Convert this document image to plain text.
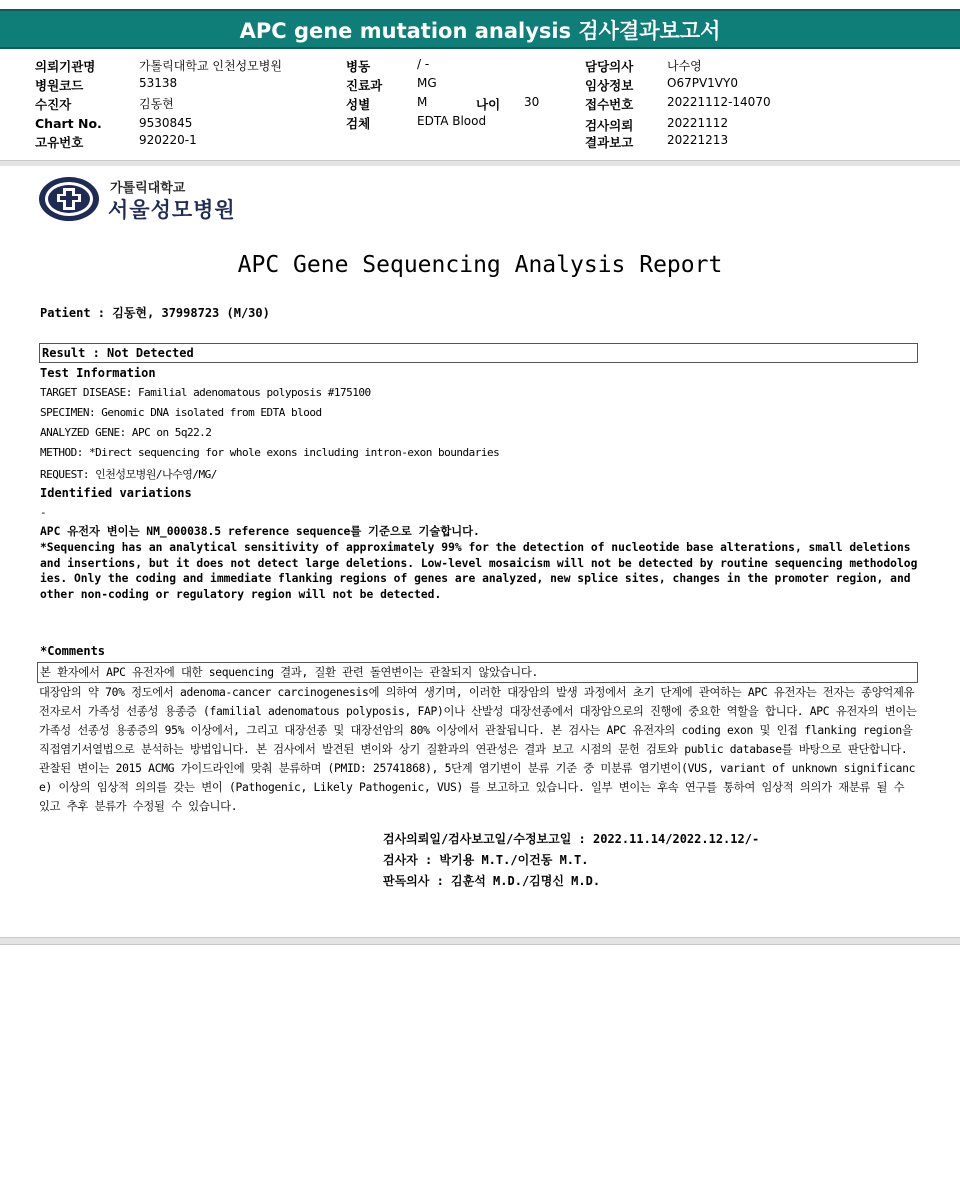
APC gene mutation analysis 검사결과보고서
의뢰기관명	가톨릭대학교 인천성모병원
병원코드	53138
수진자	김동현
Chart No.	9530845
고유번호	920220-1
병동	/ -
진료과	MG
성별	M	나이 30
검체	EDTA Blood
담당의사	나수영
임상정보	O67PV1VY0
접수번호	20221112-14070
검사의뢰	20221112
결과보고	20221213
가톨릭대학교
서울성모병원
APC Gene Sequencing Analysis Report
Patient : 김동현, 37998723 (M/30)
Result : Not Detected
Test Information
TARGET DISEASE: Familial adenomatous polyposis #175100
SPECIMEN: Genomic DNA isolated from EDTA blood
ANALYZED GENE: APC on 5q22.2
METHOD: *Direct sequencing for whole exons including intron-exon boundaries
REQUEST: 인천성모병원/나수영/MG/
Identified variations
-
APC 유전자 변이는 NM_000038.5 reference sequence를 기준으로 기술합니다.
*Sequencing has an analytical sensitivity of approximately 99% for the detection of nucleotide base alterations, small deletions and insertions, but it does not detect large deletions. Low-level mosaicism will not be detected by routine sequencing methodologies. Only the coding and immediate flanking regions of genes are analyzed, new splice sites, changes in the promoter region, and other non-coding or regulatory region will not be detected.
*Comments
본 환자에서 APC 유전자에 대한 sequencing 결과, 질환 관련 돌연변이는 관찰되지 않았습니다.
대장암의 약 70% 정도에서 adenoma-cancer carcinogenesis에 의하여 생기며, 이러한 대장암의 발생 과정에서 초기 단계에 관여하는 APC 유전자는 전자는 종양억제유전자로서 가족성 선종성 용종증 (familial adenomatous polyposis, FAP)이나 산발성 대장선종에서 대장암으로의 진행에 중요한 역할을 합니다. APC 유전자의 변이는 가족성 선종성 용종증의 95% 이상에서, 그리고 대장선종 및 대장선암의 80% 이상에서 관찰됩니다. 본 검사는 APC 유전자의 coding exon 및 인접 flanking region을 직접염기서열법으로 분석하는 방법입니다. 본 검사에서 발견된 변이와 상기 질환과의 연관성은 결과 보고 시점의 문헌 검토와 public database를 바탕으로 판단합니다. 관찰된 변이는 2015 ACMG 가이드라인에 맞춰 분류하며 (PMID: 25741868), 5단계 염기변이 분류 기준 중 미분류 염기변이(VUS, variant of unknown significance) 이상의 임상적 의의를 갖는 변이 (Pathogenic, Likely Pathogenic, VUS) 를 보고하고 있습니다. 일부 변이는 후속 연구를 통하여 임상적 의의가 재분류 될 수 있고 추후 분류가 수정될 수 있습니다.
검사의뢰일/검사보고일/수정보고일 : 2022.11.14/2022.12.12/-
검사자 : 박기용 M.T./이건동 M.T.
판독의사 : 김훈석 M.D./김명신 M.D.
